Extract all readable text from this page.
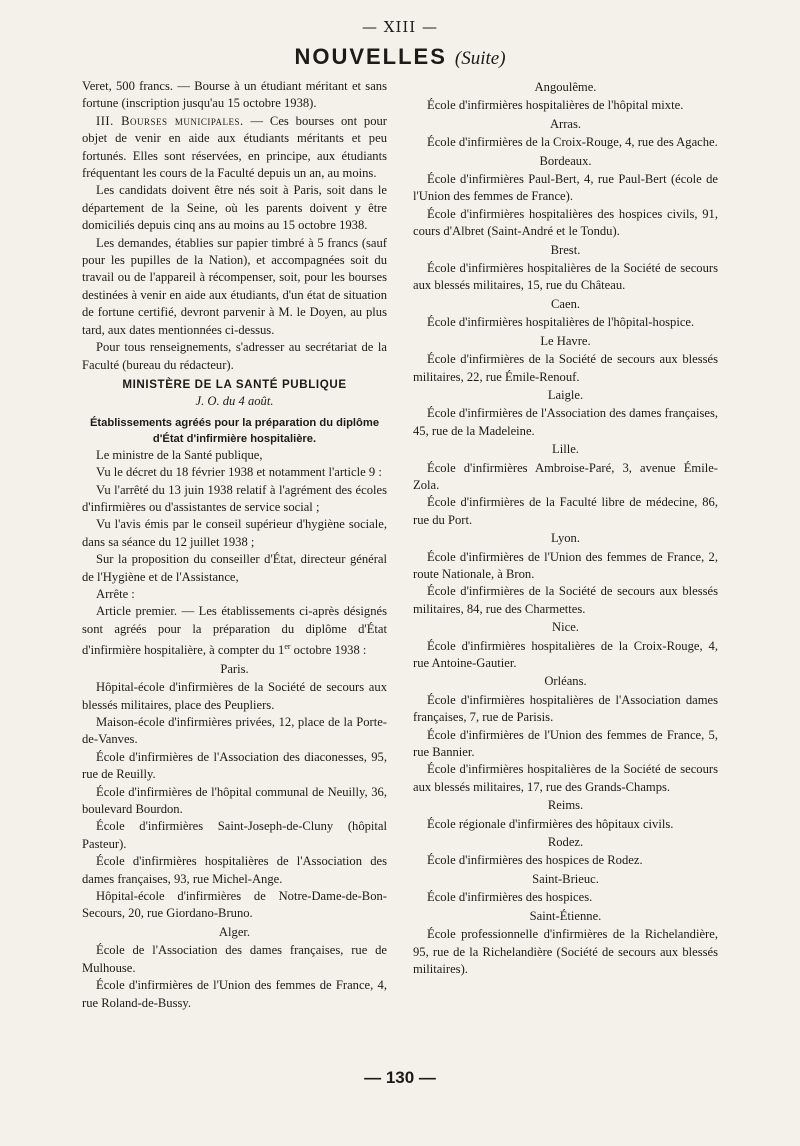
— XIII —
NOUVELLES (Suite)

Veret, 500 francs. — Bourse à un étudiant méritant et sans fortune (inscription jusqu'au 15 octobre 1938).

III. Bourses municipales. — Ces bourses ont pour objet de venir en aide aux étudiants méritants et peu fortunés. Elles sont réservées, en principe, aux étudiants fréquentant les cours de la Faculté depuis un an, au moins.

Les candidats doivent être nés soit à Paris, soit dans le département de la Seine, où les parents doivent y être domiciliés depuis cinq ans au moins au 15 octobre 1938.

Les demandes, établies sur papier timbré à 5 francs (sauf pour les pupilles de la Nation), et accompagnées soit du travail ou de l'appareil à récompenser, soit, pour les bourses destinées à venir en aide aux étudiants, d'un état de situation de fortune certifié, devront parvenir à M. le Doyen, au plus tard, aux dates mentionnées ci-dessus.

Pour tous renseignements, s'adresser au secrétariat de la Faculté (bureau du rédacteur).

MINISTÈRE DE LA SANTÉ PUBLIQUE

J. O. du 4 août.

Établissements agréés pour la préparation du diplôme d'État d'infirmière hospitalière.

Le ministre de la Santé publique,

Vu le décret du 18 février 1938 et notamment l'article 9 :

Vu l'arrêté du 13 juin 1938 relatif à l'agrément des écoles d'infirmières ou d'assistantes de service social ;

Vu l'avis émis par le conseil supérieur d'hygiène sociale, dans sa séance du 12 juillet 1938 ;

Sur la proposition du conseiller d'État, directeur général de l'Hygiène et de l'Assistance,

Arrête :

Article premier. — Les établissements ci-après désignés sont agréés pour la préparation du diplôme d'État d'infirmière hospitalière, à compter du 1er octobre 1938 :

Paris.

Hôpital-école d'infirmières de la Société de secours aux blessés militaires, place des Peupliers.

Maison-école d'infirmières privées, 12, place de la Porte-de-Vanves.

École d'infirmières de l'Association des diaconesses, 95, rue de Reuilly.

École d'infirmières de l'hôpital communal de Neuilly, 36, boulevard Bourdon.

École d'infirmières Saint-Joseph-de-Cluny (hôpital Pasteur).

École d'infirmières hospitalières de l'Association des dames françaises, 93, rue Michel-Ange.

Hôpital-école d'infirmières de Notre-Dame-de-Bon-Secours, 20, rue Giordano-Bruno.

Alger.

École de l'Association des dames françaises, rue de Mulhouse.

École d'infirmières de l'Union des femmes de France, 4, rue Roland-de-Bussy.

Angoulême.

École d'infirmières hospitalières de l'hôpital mixte.

Arras.

École d'infirmières de la Croix-Rouge, 4, rue des Agache.

Bordeaux.

École d'infirmières Paul-Bert, 4, rue Paul-Bert (école de l'Union des femmes de France).

École d'infirmières hospitalières des hospices civils, 91, cours d'Albret (Saint-André et le Tondu).

Brest.

École d'infirmières hospitalières de la Société de secours aux blessés militaires, 15, rue du Château.

Caen.

École d'infirmières hospitalières de l'hôpital-hospice.

Le Havre.

École d'infirmières de la Société de secours aux blessés militaires, 22, rue Émile-Renouf.

Laigle.

École d'infirmières de l'Association des dames françaises, 45, rue de la Madeleine.

Lille.

École d'infirmières Ambroise-Paré, 3, avenue Émile-Zola.

École d'infirmières de la Faculté libre de médecine, 86, rue du Port.

Lyon.

École d'infirmières de l'Union des femmes de France, 2, route Nationale, à Bron.

École d'infirmières de la Société de secours aux blessés militaires, 84, rue des Charmettes.

Nice.

École d'infirmières hospitalières de la Croix-Rouge, 4, rue Antoine-Gautier.

Orléans.

École d'infirmières hospitalières de l'Association dames françaises, 7, rue de Parisis.

École d'infirmières de l'Union des femmes de France, 5, rue Bannier.

École d'infirmières hospitalières de la Société de secours aux blessés militaires, 17, rue des Grands-Champs.

Reims.

École régionale d'infirmières des hôpitaux civils.

Rodez.

École d'infirmières des hospices de Rodez.

Saint-Brieuc.

École d'infirmières des hospices.

Saint-Étienne.

École professionnelle d'infirmières de la Richelandière, 95, rue de la Richelandière (Société de secours aux blessés militaires).

— 130 —
